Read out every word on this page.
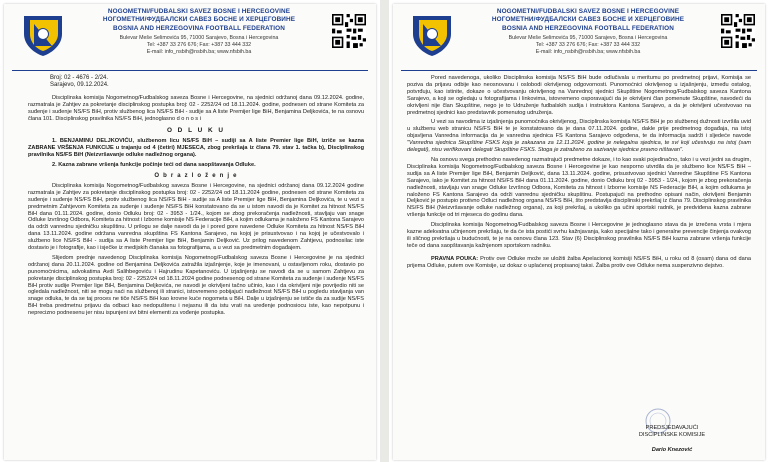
NOGOMETNI/FUDBALSKI SAVEZ BOSNE I HERCEGOVINE
НОГОМЕТНИ/ФУДБАЛСКИ САВЕЗ БОСНЕ И ХЕРЦЕГОВИНЕ
BOSNIA AND HERZEGOVINA FOOTBALL FEDERATION
Bulevar Meše Selimovića 95, 71000 Sarajevo, Bosna i Hercegovina
Tel: +387 33 276 676; Fax: +387 33 444 332
E-mail: info_nsbih@nsbih.ba; www.nfsbih.ba

Broj: 02 - 4676 - 2/24.
Sarajevo, 09.12.2024.

Disciplinska komisija Nogometnog/Fudbalskog saveza Bosne i Hercegovine, na sjednici održanoj dana 09.12.2024. godine, razmatrala je Zahtjev za pokretanje disciplinskog postupka broj: 02 - 2252/24 od 18.11.2024. godine, podnesen od strane Komiteta za suđenje i suđenje NS/FS BiH, protiv službenog lica NS/FS BiH - sudije sa A liste Premijer lige BiH, Benjamina Deljkovića, te na osnovu člana 101. Disciplinskog pravilnika NS/FS BiH, jednoglasno d o n o s i

O D L U K U

1. BENJAMINU DELJKOVIĆU, službenom licu NS/FS BiH – sudiji sa A liste Premier lige BiH, izriče se kazna ZABRANE VRŠENJA FUNKCIJE u trajanju od 4 (četiri) MJESECA, zbog prekršaja iz člana 79. stav 1. tačka b), Disciplinskog pravilnika NS/FS BiH (Neizvršavanje odluke nadležnog organa).

2. Kazna zabrane vršenja funkcije počinje teći od dana saopštavanja Odluke.

O b r a z l o ž e n j e

Disciplinska komisija Nogometnog/Fudbalskog saveza Bosne i Hercegovine, na sjednici održanoj dana 09.12.2024 godine razmatrala je Zahtjev za pokretanje disciplinskog postupka broj: 02 - 2252/24 od 18.11.2024 godine, podnesen od strane Komiteta za suđenje i suđenje NS/FS BiH, protiv službenog lica NS/FS BiH - sudije sa A liste Premijer lige BiH, Benjamina Deljkovića, te u vezi s predmetnim Zahtjevom Komiteta za suđenje i suđenje NS/FS BiH konstatovano da se u istom navodi da je Komitet za hitnost NS/FS BiH dana 01.11.2024. godine, donio Odluku broj: 02 - 3953 - 1/24., kojom se zbog prekoračenja nadležnosti, stavljaju van snage Odluke Izvršnog Odbora, Komiteta za hitnost i Izborne komisije NS Federacije BiH, a kojim odlukama je naloženo FS Kantona Sarajevo da održi vanrednu sjedničku skupštinu. U prilogu se dalje navodi da je i pored gore navedene Odluke Komiteta za hitnost NS/FS BiH dana 13.11.2024. godine održana vanredna skupština FS Kantona Sarajevo, na kojoj je prisustvovao i na kojoj je učestvovalo i službeno lice NS/FS BiH - sudija sa A liste Premijer lige BiH, Benjamin Deljković. Uz prilog navedenom Zahtjevu, podnosilac iste dostavio je i fotografije, kao i isječke iz medijskih članaka sa fotografijama, a u vezi sa predmetnim događajem.

Slijedom prednje navedenog Disciplinska komisija Nogometnog/Fudbalskog saveza Bosne i Hercegovine je na sjednici održanoj dana 20.11.2024. godine od Benjamina Deljkovića zatražila izjašnjenje, koje je imenovani, u ostavljenom roku, dostavio po punomoćnicima, advokatima Avdi Salihbegoviću i Hajrudinu Kapetanoviću. U izjašnjenju se navodi da se u samom Zahtjevu za pokretanje disciplinskog postupka broj: 02 - 2252/24 od 18.11.2024 godine podnesenog od strane Komiteta za suđenje i suđenje NS/FS BiH protiv sudije Premijer lige BiH, Benjamina Deljkovića, ne navodi je okrivljeni tačno učinio, kao i da okrivljeni nije povrijedio niti se ogledala nadležnost, niti se mogu naći na službenoj ili stranici, istovremeno pobijajući nadležnost NS/FS BiH u pogledu stavljanja van snage odluka, te da se taj proces ne tiče NS/FS BiH kao krovne kuće nogometa u BiH. Dalje u izjašnjenju se ističe da za sudije NS/FS BiH treba predmetnu prijavu da odbaci kao nedopuštenu i nejasnu ili da istu vrati na uređenje podnosiocu iste, kao nepotpunu i neprecizno podnesenu jer nisu ispunjeni svi bitni elementi za vođenje postupka.

NOGOMETNI/FUDBALSKI SAVEZ BOSNE I HERCEGOVINE
НОГОМЕТНИ/ФУДБАЛСКИ САВЕЗ БОСНЕ И ХЕРЦЕГОВИНЕ
BOSNIA AND HERZEGOVINA FOOTBALL FEDERATION
Bulevar Meše Selimovića 95, 71000 Sarajevo, Bosna i Hercegovina
Tel: +387 33 276 676; Fax: +387 33 444 332
E-mail: info_nsbih@nsbih.ba; www.nfsbih.ba

Pored navedenoga, ukoliko Disciplinska komisija NS/FS BiH bude odlučivala u meritumu po predmetnoj prijavi, Komisija se poziva da prijavu odbije kao neosnovanu i oslobodi okrivljenog odgovornosti. Punomoćnici okrivljenog u izjašnjenju, između ostalog, potvrđuju, kao istinite, dokaze o učestvovanju okrivljenog na Vanrednoj sjednici Skupštine Nogometnog/Fudbalskog saveza Kantona Sarajevo, a koji se ogledaju u fotografijama i linkovima, istovremeno osporavajući da je okrivljeni član pomenute Skupštine, navodeći da okrivljeni nije član Skupštine, nego je to Udruženje fudbalskih sudija i instruktora Kantona Sarajevo, a da je okrivljeni učestvovao na predmetnoj sjednici kao predstavnik pomenutog udruženja.

U vezi sa navodima iz izjašnjenja punomoćnika okrivljenog, Disciplinska komisija NS/FS BiH je po službenoj dužnosti izvršila uvid u službenu web stranicu NS/FS BiH te je konstatovano da je dana 07.11.2024. godine, dakle prije predmetnog događaja, na istoj objavljena Vanredna informacija da je vanredna sjednica FS Kantona Sarajevo odgođena, te da informacija sadrži i sljedeće navode "Vanredna sjednica Skupštine FSKS koja je zakazana za 12.11.2024. godine je nelegalna sjednica, te svi koji učestvuju na istoj (sam delegati), nisu verifikovani delegati Skupštine FSKS. Stoga je zatraženo za sazivanje sjednice pravno ništavan".

Na osnovu svega prethodno navedenog razmatrajući predmetne dokaze, i to kao svaki pojedinačno, tako i u vezi jedni sa drugim, Disciplinska komisija Nogometnog/Fudbalskog saveza Bosne i Hercegovine je kao nesporno utvrdila da je službeno lice NS/FS BiH – sudija sa A liste Premijer lige BiH, Benjamin Deljković, dana 13.11.2024. godine, prisustvovao sjednici Vanredne Skupštine FS Kantona Sarajevo, iako je Komitet za hitnost NS/FS BiH dana 01.11.2024. godine, donio Odluku broj 02 - 3953 - 1/24., kojom je zbog prekoračenja nadležnosti, stavljaju van snage Odluke Izvršnog Odbora, Komiteta za hitnost i Izborne komisije NS Federacije BiH, a kojim odlukama je naloženo FS Kantona Sarajevo da održi vanrednu sjedničku skupštinu. Postupajući na prethodno opisani način, okrivljeni Benjamin Deljković je postupio protivno Odluci nadležnog organa NS/FS BiH, što predstavlja disciplinski prekršaj iz člana 79. Disciplinskog pravilnika NS/FS BiH (Neizvršavanje odluke nadležnog organa), za koji prekršaj, a ukoliko ga učini sportski radnik, je predviđena kazna zabrane vršenja funkcije od tri mjeseca do godinu dana.

Disciplinska komisija Nogometnog/Fudbalskog saveza Bosne i Hercegovine je jednoglasno stava da je izrečena vrsta i mjera kazne adekvatna učinjenom prekršaju, te da će ista postići svrhu kažnjavanja, kako specijalne tako i generalne prevencije činjenja ovakvog ili sličnog prekršaja u budućnosti, te je na osnovu člana 123. Stav (6) Disciplinskog pravilnika NS/FS BiH kazna zabrane vršenja funkcije teče od dana saopštavanja kažnjenom sportskom radniku.

PRAVNA POUKA: Protiv ove Odluke može se uložiti žalba Apelacionoj komisiji NS/FS BiH, u roku od 8 (osam) dana od dana prijema Odluke, putem ove Komisije, uz dokaz o uplaćenoj propisanoj taksi. Žalba protiv ove Odluke nema suspenzivno dejstvo.

PREDSJEDAVAJUĆI
DISCIPLINSKE KOMISIJE
Dario Knezović
